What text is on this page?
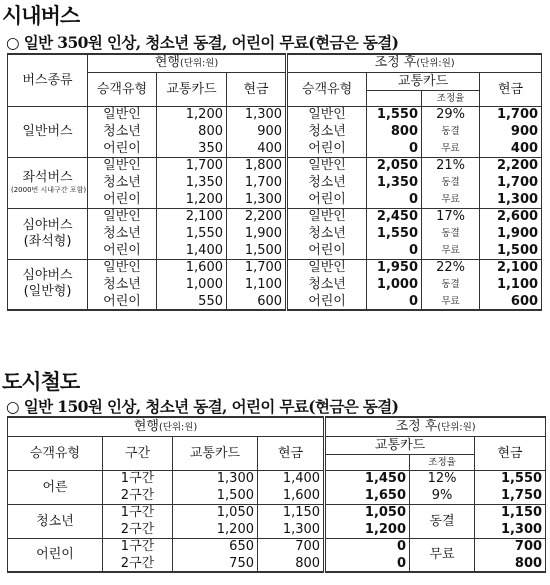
시내버스
○ 일반 350원 인상, 청소년 동결, 어린이 무료(현금은 동결)
버스종류	현행(단위:원)			조정 후(단위:원)			
	승객유형	교통카드	현금	승객유형	교통카드		현금
						조정율	

일반버스	일반인	1,200	1,300	일반인	1,550	29%	1,700
	청소년	800	900	청소년	800	동결	900
	어린이	350	400	어린이	0	무료	400

좌석버스
(2000번 시내구간 포함)	일반인	1,700	1,800	일반인	2,050	21%	2,200
	청소년	1,350	1,700	청소년	1,350	동결	1,700
	어린이	1,200	1,300	어린이	0	무료	1,300

심야버스
(좌석형)	일반인	2,100	2,200	일반인	2,450	17%	2,600
	청소년	1,550	1,900	청소년	1,550	동결	1,900
	어린이	1,400	1,500	어린이	0	무료	1,500

심야버스
(일반형)	일반인	1,600	1,700	일반인	1,950	22%	2,100
	청소년	1,000	1,100	청소년	1,000	동결	1,100
	어린이	550	600	어린이	0	무료	600
도시철도
○ 일반 150원 인상, 청소년 동결, 어린이 무료(현금은 동결)
현행(단위:원)				조정 후(단위:원)		
승객유형	구간	교통카드	현금	교통카드		현금
					조정율	
어른	1구간	1,300	1,400	1,450	12%	1,550
	2구간	1,500	1,600	1,650	9%	1,750
청소년	1구간	1,050	1,150	1,050	동결	1,150
	2구간	1,200	1,300	1,200		1,300
어린이	1구간	650	700	0	무료	700
	2구간	750	800	0		800
